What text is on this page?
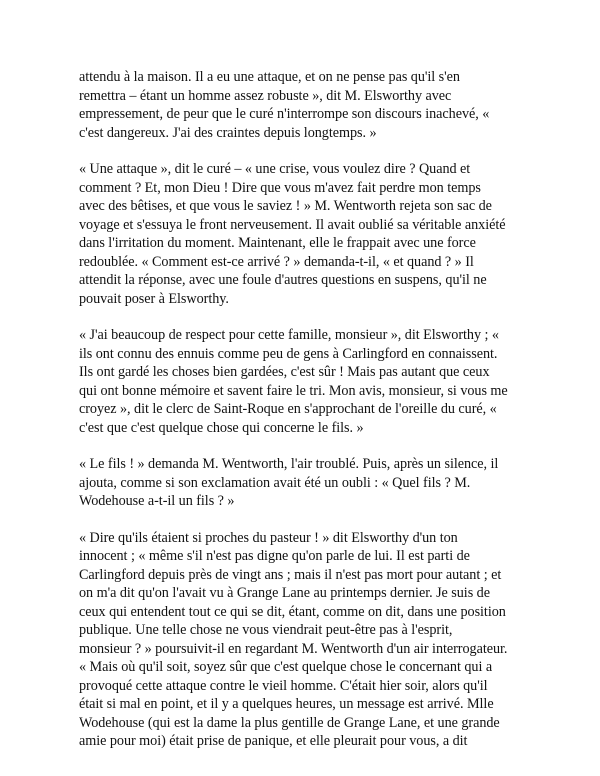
attendu à la maison. Il a eu une attaque, et on ne pense pas qu'il s'en
remettra – étant un homme assez robuste », dit M. Elsworthy avec
empressement, de peur que le curé n'interrompe son discours inachevé, «
c'est dangereux. J'ai des craintes depuis longtemps. »

« Une attaque », dit le curé – « une crise, vous voulez dire ? Quand et
comment ? Et, mon Dieu ! Dire que vous m'avez fait perdre mon temps
avec des bêtises, et que vous le saviez ! » M. Wentworth rejeta son sac de
voyage et s'essuya le front nerveusement. Il avait oublié sa véritable anxiété
dans l'irritation du moment. Maintenant, elle le frappait avec une force
redoublée. « Comment est-ce arrivé ? » demanda-t-il, « et quand ? » Il
attendit la réponse, avec une foule d'autres questions en suspens, qu'il ne
pouvait poser à Elsworthy.

« J'ai beaucoup de respect pour cette famille, monsieur », dit Elsworthy ; «
ils ont connu des ennuis comme peu de gens à Carlingford en connaissent.
Ils ont gardé les choses bien gardées, c'est sûr ! Mais pas autant que ceux
qui ont bonne mémoire et savent faire le tri. Mon avis, monsieur, si vous me
croyez », dit le clerc de Saint-Roque en s'approchant de l'oreille du curé, «
c'est que c'est quelque chose qui concerne le fils. »

« Le fils ! » demanda M. Wentworth, l'air troublé. Puis, après un silence, il
ajouta, comme si son exclamation avait été un oubli : « Quel fils ? M.
Wodehouse a-t-il un fils ? »

« Dire qu'ils étaient si proches du pasteur ! » dit Elsworthy d'un ton
innocent ; « même s'il n'est pas digne qu'on parle de lui. Il est parti de
Carlingford depuis près de vingt ans ; mais il n'est pas mort pour autant ; et
on m'a dit qu'on l'avait vu à Grange Lane au printemps dernier. Je suis de
ceux qui entendent tout ce qui se dit, étant, comme on dit, dans une position
publique. Une telle chose ne vous viendrait peut-être pas à l'esprit,
monsieur ? » poursuivit-il en regardant M. Wentworth d'un air interrogateur.
« Mais où qu'il soit, soyez sûr que c'est quelque chose le concernant qui a
provoqué cette attaque contre le vieil homme. C'était hier soir, alors qu'il
était si mal en point, et il y a quelques heures, un message est arrivé. Mlle
Wodehouse (qui est la dame la plus gentille de Grange Lane, et une grande
amie pour moi) était prise de panique, et elle pleurait pour vous, a dit
